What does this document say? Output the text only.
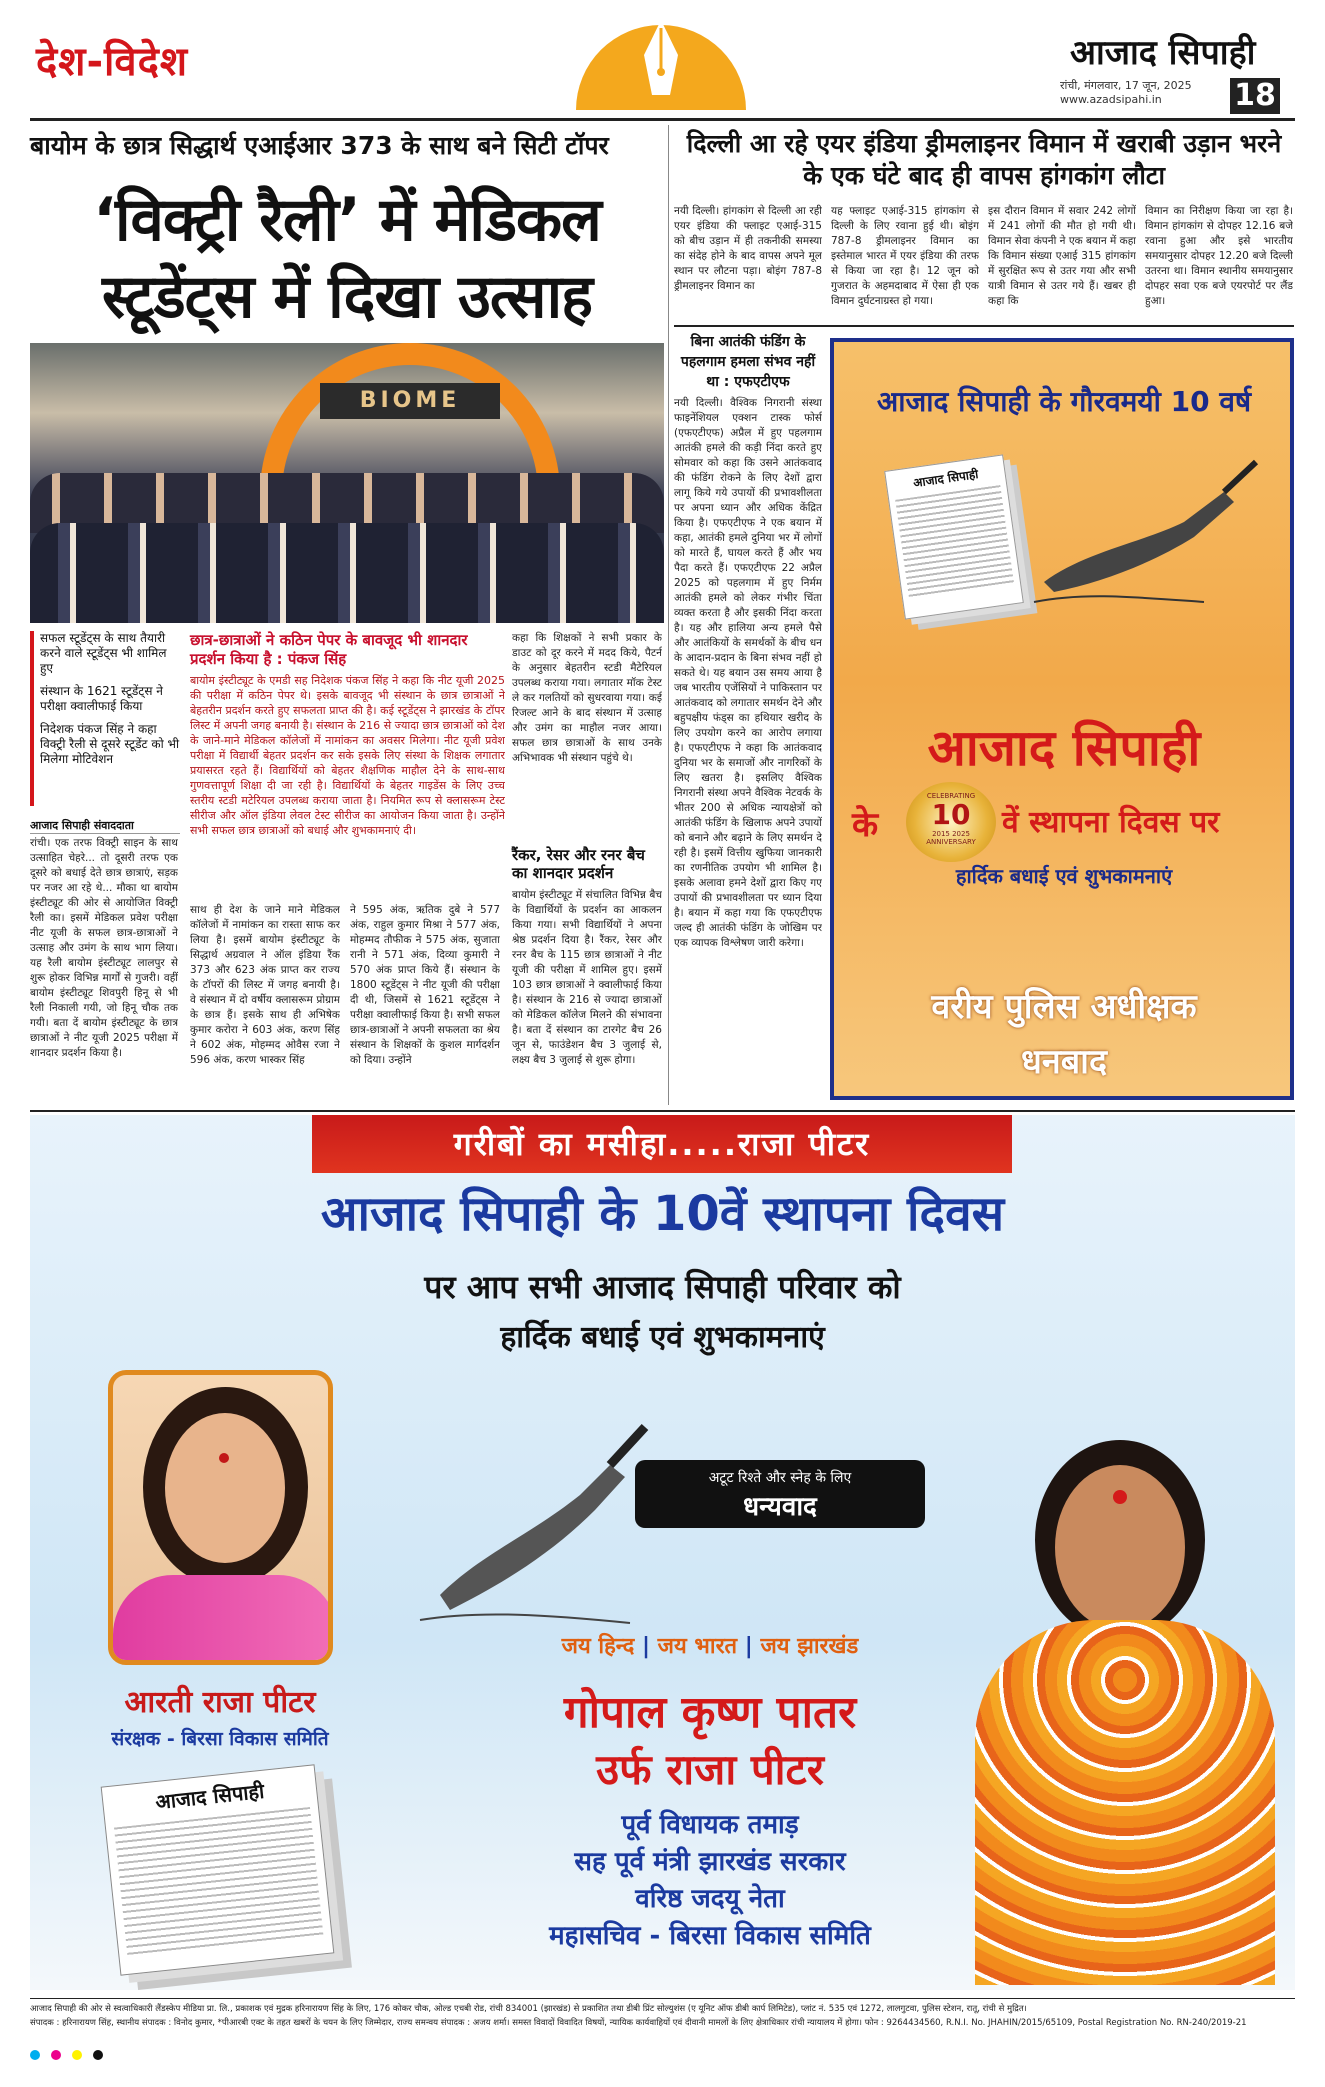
देश-विदेश	आजाद सिपाही
रांची, मंगलवार, 17 जून, 2025
www.azadsipahi.in 18
बायोम के छात्र सिद्धार्थ एआईआर 373 के साथ बने सिटी टॉपर
‘विक्ट्री रैली’ में मेडिकल
स्टूडेंट्स में दिखा उत्साह
BIOME
सफल स्टूडेंट्स के साथ तैयारी करने वाले स्टूडेंट्स भी शामिल हुए
संस्थान के 1621 स्टूडेंट्स ने परीक्षा क्वालीफाई किया
निदेशक पंकज सिंह ने कहा विक्ट्री रैली से दूसरे स्टूडेंट को भी मिलेगा मोटिवेशन
आजाद सिपाही संवाददाता
रांची। एक तरफ विक्ट्री साइन के साथ उत्साहित चेहरे... तो दूसरी तरफ एक दूसरे को बधाई देते छात्र छात्राएं, सड़क पर नजर आ रहे थे... मौका था बायोम इंस्टीट्यूट की ओर से आयोजित विक्ट्री रैली का। इसमें मेडिकल प्रवेश परीक्षा नीट यूजी के सफल छात्र-छात्राओं ने उत्साह और उमंग के साथ भाग लिया। यह रैली बायोम इंस्टीट्यूट लालपुर से शुरू होकर विभिन्न मार्गों से गुजरी। वहीं बायोम इंस्टीट्यूट शिवपुरी हिनू से भी रैली निकाली गयी, जो हिनू चौक तक गयी। बता दें बायोम इंस्टीट्यूट के छात्र छात्राओं ने नीट यूजी 2025 परीक्षा में शानदार प्रदर्शन किया है।
छात्र-छात्राओं ने कठिन पेपर के बावजूद भी शानदार प्रदर्शन किया है : पंकज सिंह
बायोम इंस्टीट्यूट के एमडी सह निदेशक पंकज सिंह ने कहा कि नीट यूजी 2025 की परीक्षा में कठिन पेपर थे। इसके बावजूद भी संस्थान के छात्र छात्राओं ने बेहतरीन प्रदर्शन करते हुए सफलता प्राप्त की है। कई स्टूडेंट्स ने झारखंड के टॉपर लिस्ट में अपनी जगह बनायी है। संस्थान के 216 से ज्यादा छात्र छात्राओं को देश के जाने-माने मेडिकल कॉलेजों में नामांकन का अवसर मिलेगा। नीट यूजी प्रवेश परीक्षा में विद्यार्थी बेहतर प्रदर्शन कर सके इसके लिए संस्था के शिक्षक लगातार प्रयासरत रहते हैं। विद्यार्थियों को बेहतर शैक्षणिक माहौल देने के साथ-साथ गुणवत्तापूर्ण शिक्षा दी जा रही है। विद्यार्थियों के बेहतर गाइडेंस के लिए उच्च स्तरीय स्टडी मटेरियल उपलब्ध कराया जाता है। नियमित रूप से क्लासरूम टेस्ट सीरीज और ऑल इंडिया लेवल टेस्ट सीरीज का आयोजन किया जाता है। उन्होंने सभी सफल छात्र छात्राओं को बधाई और शुभकामनाएं दी।
साथ ही देश के जाने माने मेडिकल कॉलेजों में नामांकन का रास्ता साफ कर लिया है। इसमें बायोम इंस्टीट्यूट के सिद्धार्थ अग्रवाल ने ऑल इंडिया रैंक 373 और 623 अंक प्राप्त कर राज्य के टॉपरों की लिस्ट में जगह बनायी है। वे संस्थान में दो वर्षीय क्लासरूम प्रोग्राम के छात्र हैं। इसके साथ ही अभिषेक कुमार करोरा ने 603 अंक, करण सिंह ने 602 अंक, मोहम्मद ओवैस रजा ने 596 अंक, करण भास्कर सिंह
ने 595 अंक, ऋतिक दुबे ने 577 अंक, राहुल कुमार मिश्रा ने 577 अंक, मोहम्मद तौफीक ने 575 अंक, सुजाता रानी ने 571 अंक, दिव्या कुमारी ने 570 अंक प्राप्त किये हैं। संस्थान के 1800 स्टूडेंट्स ने नीट यूजी की परीक्षा दी थी, जिसमें से 1621 स्टूडेंट्स ने परीक्षा क्वालीफाई किया है। सभी सफल छात्र-छात्राओं ने अपनी सफलता का श्रेय संस्थान के शिक्षकों के कुशल मार्गदर्शन को दिया। उन्होंने
कहा कि शिक्षकों ने सभी प्रकार के डाउट को दूर करने में मदद किये, पैटर्न के अनुसार बेहतरीन स्टडी मैटेरियल उपलब्ध कराया गया। लगातार मॉक टेस्ट ले कर गलतियों को सुधरवाया गया। कई रिजल्ट आने के बाद संस्थान में उत्साह और उमंग का माहौल नजर आया। सफल छात्र छात्राओं के साथ उनके अभिभावक भी संस्थान पहुंचे थे।
रैंकर, रेसर और रनर बैच का शानदार प्रदर्शन
बायोम इंस्टीट्यूट में संचालित विभिन्न बैच के विद्यार्थियों के प्रदर्शन का आकलन किया गया। सभी विद्यार्थियों ने अपना श्रेष्ठ प्रदर्शन दिया है। रैंकर, रेसर और रनर बैच के 115 छात्र छात्राओं ने नीट यूजी की परीक्षा में शामिल हुए। इसमें 103 छात्र छात्राओं ने क्वालीफाई किया है। संस्थान के 216 से ज्यादा छात्राओं को मेडिकल कॉलेज मिलने की संभावना है। बता दें संस्थान का टारगेट बैच 26 जून से, फाउंडेशन बैच 3 जुलाई से, लक्ष्य बैच 3 जुलाई से शुरू होगा।
दिल्ली आ रहे एयर इंडिया ड्रीमलाइनर विमान में खराबी उड़ान भरने के एक घंटे बाद ही वापस हांगकांग लौटा
नयी दिल्ली। हांगकांग से दिल्ली आ रही एयर इंडिया की फ्लाइट एआई-315 को बीच उड़ान में ही तकनीकी समस्या का संदेह होने के बाद वापस अपने मूल स्थान पर लौटना पड़ा। बोइंग 787-8 ड्रीमलाइनर विमान का
यह फ्लाइट एआई-315 हांगकांग से दिल्ली के लिए रवाना हुई थी। बोइंग 787-8 ड्रीमलाइनर विमान का इस्तेमाल भारत में एयर इंडिया की तरफ से किया जा रहा है। 12 जून को गुजरात के अहमदाबाद में ऐसा ही एक विमान दुर्घटनाग्रस्त हो गया।
इस दौरान विमान में सवार 242 लोगों में 241 लोगों की मौत हो गयी थी। विमान सेवा कंपनी ने एक बयान में कहा कि विमान संख्या एआई 315 हांगकांग में सुरक्षित रूप से उतर गया और सभी यात्री विमान से उतर गये हैं। खबर ही कहा कि
विमान का निरीक्षण किया जा रहा है। विमान हांगकांग से दोपहर 12.16 बजे रवाना हुआ और इसे भारतीय समयानुसार दोपहर 12.20 बजे दिल्ली उतरना था। विमान स्थानीय समयानुसार दोपहर सवा एक बजे एयरपोर्ट पर लैंड हुआ।
बिना आतंकी फंडिंग के पहलगाम हमला संभव नहीं था : एफएटीएफ
नयी दिल्ली। वैश्विक निगरानी संस्था फाइनेंशियल एक्शन टास्क फोर्स (एफएटीएफ) अप्रैल में हुए पहलगाम आतंकी हमले की कड़ी निंदा करते हुए सोमवार को कहा कि उसने आतंकवाद की फंडिंग रोकने के लिए देशों द्वारा लागू किये गये उपायों की प्रभावशीलता पर अपना ध्यान और अधिक केंद्रित किया है। एफएटीएफ ने एक बयान में कहा, आतंकी हमले दुनिया भर में लोगों को मारते हैं, घायल करते हैं और भय पैदा करते हैं। एफएटीएफ 22 अप्रैल 2025 को पहलगाम में हुए निर्मम आतंकी हमले को लेकर गंभीर चिंता व्यक्त करता है और इसकी निंदा करता है। यह और हालिया अन्य हमले पैसे और आतंकियों के समर्थकों के बीच धन के आदान-प्रदान के बिना संभव नहीं हो सकते थे। यह बयान उस समय आया है जब भारतीय एजेंसियों ने पाकिस्तान पर आतंकवाद को लगातार समर्थन देने और बहुपक्षीय फंड्स का हथियार खरीद के लिए उपयोग करने का आरोप लगाया है। एफएटीएफ ने कहा कि आतंकवाद दुनिया भर के समाजों और नागरिकों के लिए खतरा है। इसलिए वैश्विक निगरानी संस्था अपने वैश्विक नेटवर्क के भीतर 200 से अधिक न्यायक्षेत्रों को आतंकी फंडिंग के खिलाफ अपने उपायों को बनाने और बढ़ाने के लिए समर्थन दे रही है। इसमें वित्तीय खुफिया जानकारी का रणनीतिक उपयोग भी शामिल है। इसके अलावा हमने देशों द्वारा किए गए उपायों की प्रभावशीलता पर ध्यान दिया है। बयान में कहा गया कि एफएटीएफ जल्द ही आतंकी फंडिंग के जोखिम पर एक व्यापक विश्लेषण जारी करेगा।
आजाद सिपाही के गौरवमयी 10 वर्ष
आजाद सिपाही
आजाद सिपाही
के
CELEBRATING
10
2015 2025
ANNIVERSARY
वें स्थापना दिवस पर
हार्दिक बधाई एवं शुभकामनाएं
वरीय पुलिस अधीक्षक
धनबाद
गरीबों का मसीहा.....राजा पीटर
आजाद सिपाही के 10वें स्थापना दिवस
पर आप सभी आजाद सिपाही परिवार को
हार्दिक बधाई एवं शुभकामनाएं
आरती राजा पीटर
संरक्षक - बिरसा विकास समिति
आजाद सिपाही
अटूट रिश्ते और स्नेह के लिए
धन्यवाद
जय हिन्द | जय भारत | जय झारखंड
गोपाल कृष्ण पातर
उर्फ राजा पीटर
पूर्व विधायक तमाड़
सह पूर्व मंत्री झारखंड सरकार
वरिष्ठ जदयू नेता
महासचिव - बिरसा विकास समिति
आजाद सिपाही की ओर से स्वत्वाधिकारी लैंडस्केप मीडिया प्रा. लि., प्रकाशक एवं मुद्रक हरिनारायण सिंह के लिए, 176 कोकर चौक, ओल्ड एचबी रोड, रांची 834001 (झारखंड) से प्रकाशित तथा डीबी प्रिंट सोल्युशंस (ए यूनिट ऑफ डीबी कार्प लिमिटेड), प्लांट नं. 535 एवं 1272, लालगुटवा, पुलिस स्टेशन, रातू, रांची से मुद्रित।
संपादक : हरिनारायण सिंह, स्थानीय संपादक : विनोद कुमार, *पीआरबी एक्ट के तहत खबरों के चयन के लिए जिम्मेदार, राज्य समन्वय संपादक : अजय शर्मा। समस्त विवादों विवादित विषयों, न्यायिक कार्यवाहियों एवं दीवानी मामलों के लिए क्षेत्राधिकार रांची न्यायालय में होगा। फोन : 9264434560, R.N.I. No. JHAHIN/2015/65109, Postal Registration No. RN-240/2019-21
